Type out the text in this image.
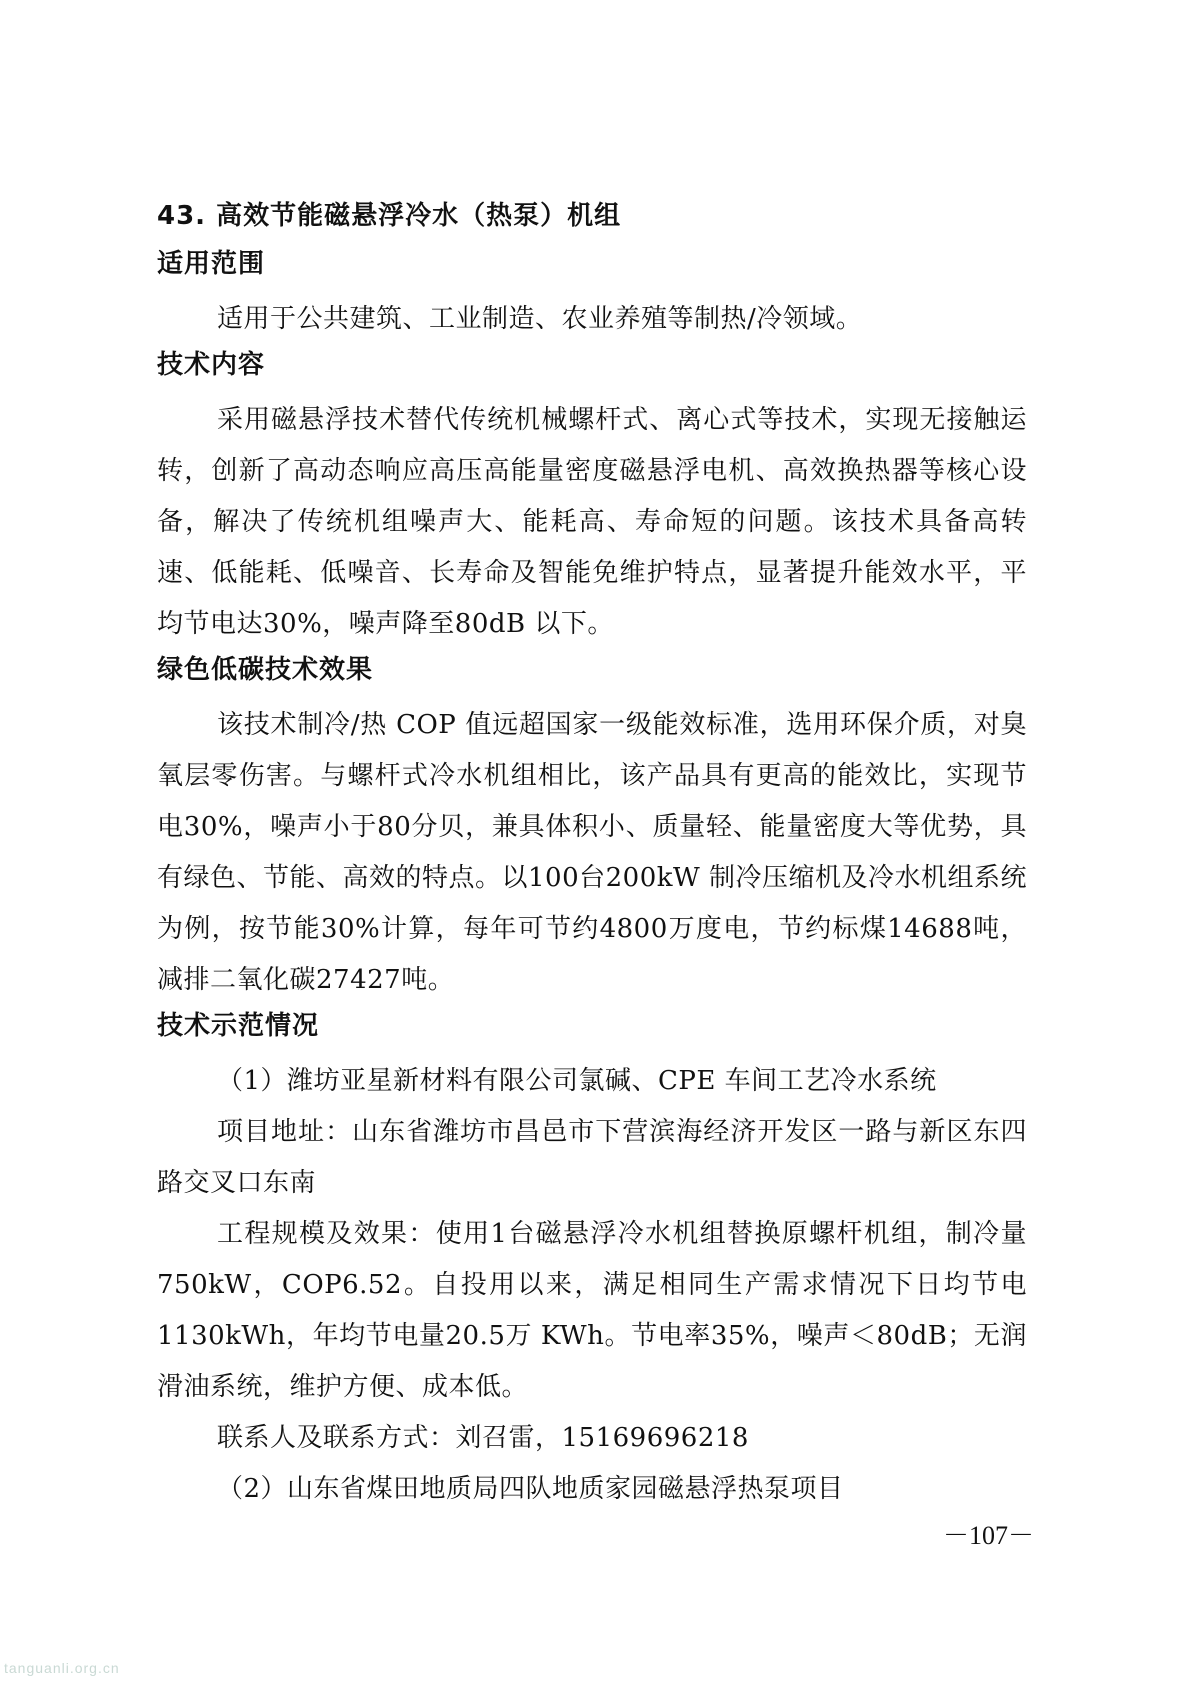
43. 高效节能磁悬浮冷水（热泵）机组
适用范围

适用于公共建筑、工业制造、农业养殖等制热/冷领域。

技术内容

采用磁悬浮技术替代传统机械螺杆式、离心式等技术，实现无接触运转，创新了高动态响应高压高能量密度磁悬浮电机、高效换热器等核心设备，解决了传统机组噪声大、能耗高、寿命短的问题。该技术具备高转速、低能耗、低噪音、长寿命及智能免维护特点，显著提升能效水平，平均节电达30%，噪声降至80dB 以下。

绿色低碳技术效果

该技术制冷/热 COP 值远超国家一级能效标准，选用环保介质，对臭氧层零伤害。与螺杆式冷水机组相比，该产品具有更高的能效比，实现节电30%，噪声小于80分贝，兼具体积小、质量轻、能量密度大等优势，具有绿色、节能、高效的特点。以100台200kW 制冷压缩机及冷水机组系统为例，按节能30%计算，每年可节约4800万度电，节约标煤14688吨，减排二氧化碳27427吨。

技术示范情况

（1）潍坊亚星新材料有限公司氯碱、CPE 车间工艺冷水系统

项目地址：山东省潍坊市昌邑市下营滨海经济开发区一路与新区东四路交叉口东南

工程规模及效果：使用1台磁悬浮冷水机组替换原螺杆机组，制冷量750kW，COP6.52。自投用以来，满足相同生产需求情况下日均节电1130kWh，年均节电量20.5万 KWh。节电率35%，噪声＜80dB；无润滑油系统，维护方便、成本低。

联系人及联系方式：刘召雷，15169696218

（2）山东省煤田地质局四队地质家园磁悬浮热泵项目

－107－
tanguanli.org.cn
